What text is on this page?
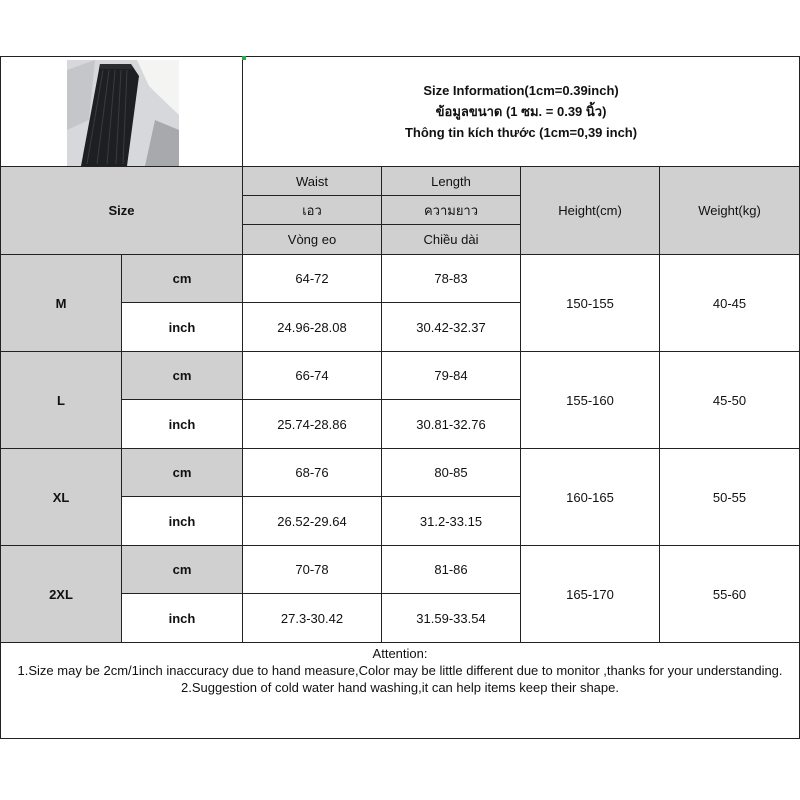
Size Information(1cm=0.39inch)
ข้อมูลขนาด (1 ซม. = 0.39 นิ้ว)
Thông tin kích thước (1cm=0,39 inch)			

Size		Waist	Length	Height(cm)	Weight(kg)
		เอว	ความยาว		
		Vòng eo	Chiều dài		
M	cm	64-72	78-83	150-155	40-45
	inch	24.96-28.08	30.42-32.37		
L	cm	66-74	79-84	155-160	45-50
	inch	25.74-28.86	30.81-32.76		
XL	cm	68-76	80-85	160-165	50-55
	inch	26.52-29.64	31.2-33.15		
2XL	cm	70-78	81-86	165-170	55-60
	inch	27.3-30.42	31.59-33.54		

Attention:
1.Size may be 2cm/1inch inaccuracy due to hand measure,Color may be little different due to monitor ,thanks for your understanding.
2.Suggestion of cold water hand washing,it can help items keep their shape.					
